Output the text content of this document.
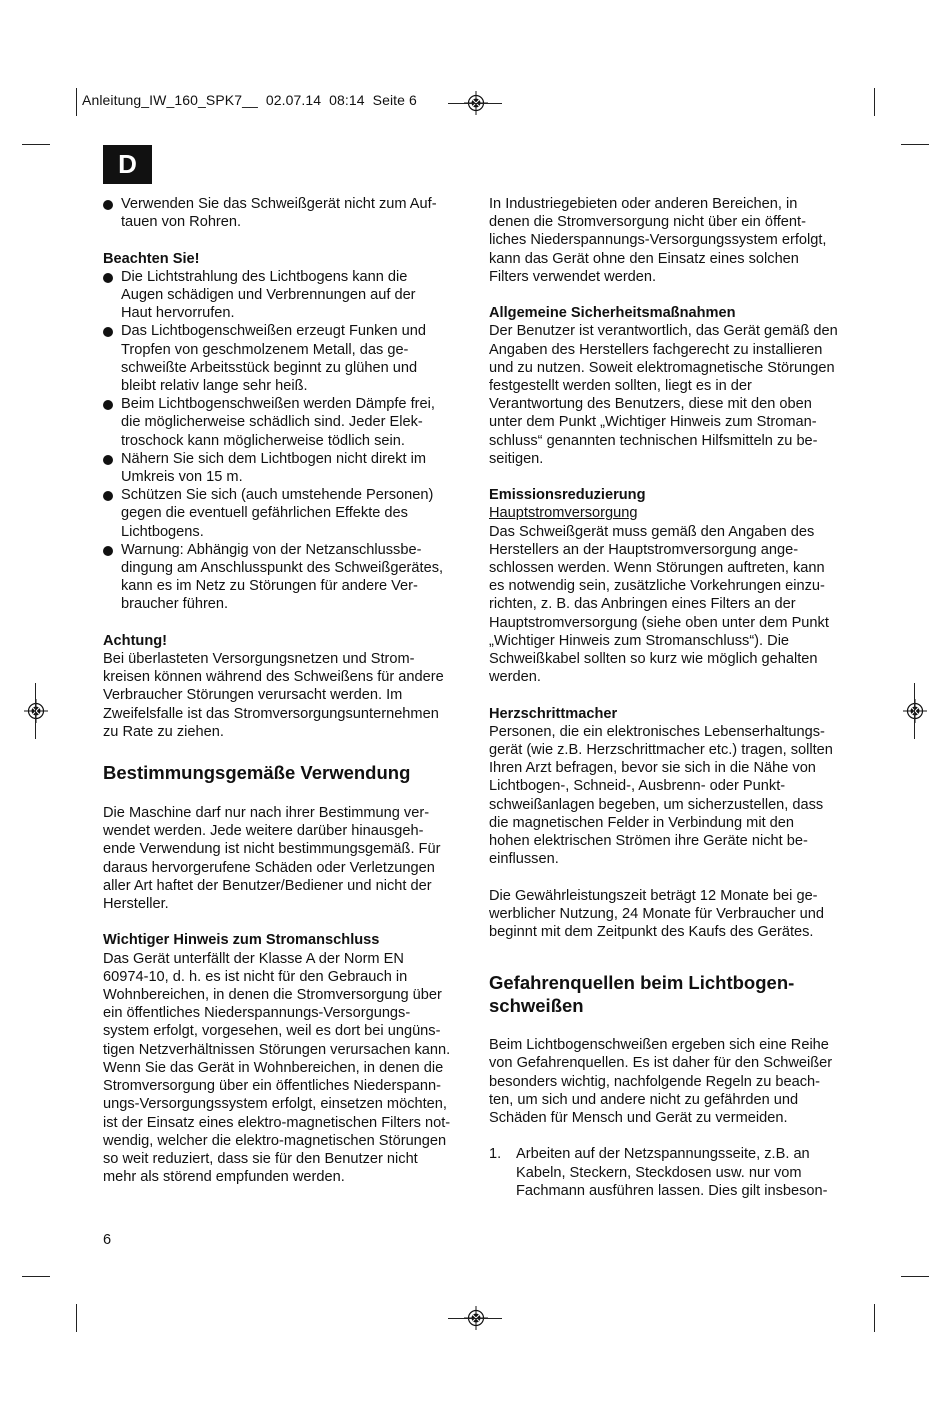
Anleitung_IW_160_SPK7__  02.07.14  08:14  Seite 6
D
Verwenden Sie das Schweißgerät nicht zum Auf-
tauen von Rohren.
Beachten Sie!
Die Lichtstrahlung des Lichtbogens kann die
Augen schädigen und Verbrennungen auf der
Haut hervorrufen.
Das Lichtbogenschweißen erzeugt Funken und
Tropfen von geschmolzenem Metall, das ge-
schweißte Arbeitsstück beginnt zu glühen und
bleibt relativ lange sehr heiß.
Beim Lichtbogenschweißen werden Dämpfe frei,
die möglicherweise schädlich sind. Jeder Elek-
troschock kann möglicherweise tödlich sein.
Nähern Sie sich dem Lichtbogen nicht direkt im
Umkreis von 15 m.
Schützen Sie sich (auch umstehende Personen)
gegen die eventuell gefährlichen Effekte des
Lichtbogens.
Warnung: Abhängig von der Netzanschlussbe-
dingung am Anschlusspunkt des Schweißgerätes,
kann es im Netz zu Störungen für andere Ver-
braucher führen.
Achtung!
Bei überlasteten Versorgungsnetzen und Strom-
kreisen können während des Schweißens für andere
Verbraucher Störungen verursacht werden. Im
Zweifelsfalle ist das Stromversorgungsunternehmen
zu Rate zu ziehen.
Bestimmungsgemäße Verwendung
Die Maschine darf nur nach ihrer Bestimmung ver-
wendet werden. Jede weitere darüber hinausgeh-
ende Verwendung ist nicht bestimmungsgemäß. Für
daraus hervorgerufene Schäden oder Verletzungen
aller Art haftet der Benutzer/Bediener und nicht der
Hersteller.
Wichtiger Hinweis zum Stromanschluss
Das Gerät unterfällt der Klasse A der Norm EN
60974-10, d. h. es ist nicht für den Gebrauch in
Wohnbereichen, in denen die Stromversorgung über
ein öffentliches Niederspannungs-Versorgungs-
system erfolgt, vorgesehen, weil es dort bei ungüns-
tigen Netzverhältnissen Störungen verursachen kann.
Wenn Sie das Gerät in Wohnbereichen, in denen die
Stromversorgung über ein öffentliches Niederspann-
ungs-Versorgungssystem erfolgt, einsetzen möchten,
ist der Einsatz eines elektro-magnetischen Filters not-
wendig, welcher die elektro-magnetischen Störungen
so weit reduziert, dass sie für den Benutzer nicht
mehr als störend empfunden werden.
In Industriegebieten oder anderen Bereichen, in
denen die Stromversorgung nicht über ein öffent-
liches Niederspannungs-Versorgungssystem erfolgt,
kann das Gerät ohne den Einsatz eines solchen
Filters verwendet werden.
Allgemeine Sicherheitsmaßnahmen
Der Benutzer ist verantwortlich, das Gerät gemäß den
Angaben des Herstellers fachgerecht zu installieren
und zu nutzen. Soweit elektromagnetische Störungen
festgestellt werden sollten, liegt es in der
Verantwortung des Benutzers, diese mit den oben
unter dem Punkt „Wichtiger Hinweis zum Stroman-
schluss“ genannten technischen Hilfsmitteln zu be-
seitigen.
Emissionsreduzierung
Hauptstromversorgung
Das Schweißgerät muss gemäß den Angaben des
Herstellers an der Hauptstromversorgung ange-
schlossen werden. Wenn Störungen auftreten, kann
es notwendig sein, zusätzliche Vorkehrungen einzu-
richten, z. B. das Anbringen eines Filters an der
Hauptstromversorgung (siehe oben unter dem Punkt
„Wichtiger Hinweis zum Stromanschluss“). Die
Schweißkabel sollten so kurz wie möglich gehalten
werden.
Herzschrittmacher
Personen, die ein elektronisches Lebenserhaltungs-
gerät (wie z.B. Herzschrittmacher etc.) tragen, sollten
Ihren Arzt befragen, bevor sie sich in die Nähe von
Lichtbogen-, Schneid-, Ausbrenn- oder Punkt-
schweißanlagen begeben, um sicherzustellen, dass
die magnetischen Felder in Verbindung mit den
hohen elektrischen Strömen ihre Geräte nicht be-
einflussen.
Die Gewährleistungszeit beträgt 12 Monate bei ge-
werblicher Nutzung, 24 Monate für Verbraucher und
beginnt mit dem Zeitpunkt des Kaufs des Gerätes.
Gefahrenquellen beim Lichtbogen-
schweißen
Beim Lichtbogenschweißen ergeben sich eine Reihe
von Gefahrenquellen. Es ist daher für den Schweißer
besonders wichtig, nachfolgende Regeln zu beach-
ten, um sich und andere nicht zu gefährden und
Schäden für Mensch und Gerät zu vermeiden.
1. Arbeiten auf der Netzspannungsseite, z.B. an
Kabeln, Steckern, Steckdosen usw. nur vom
Fachmann ausführen lassen. Dies gilt insbeson-
6
